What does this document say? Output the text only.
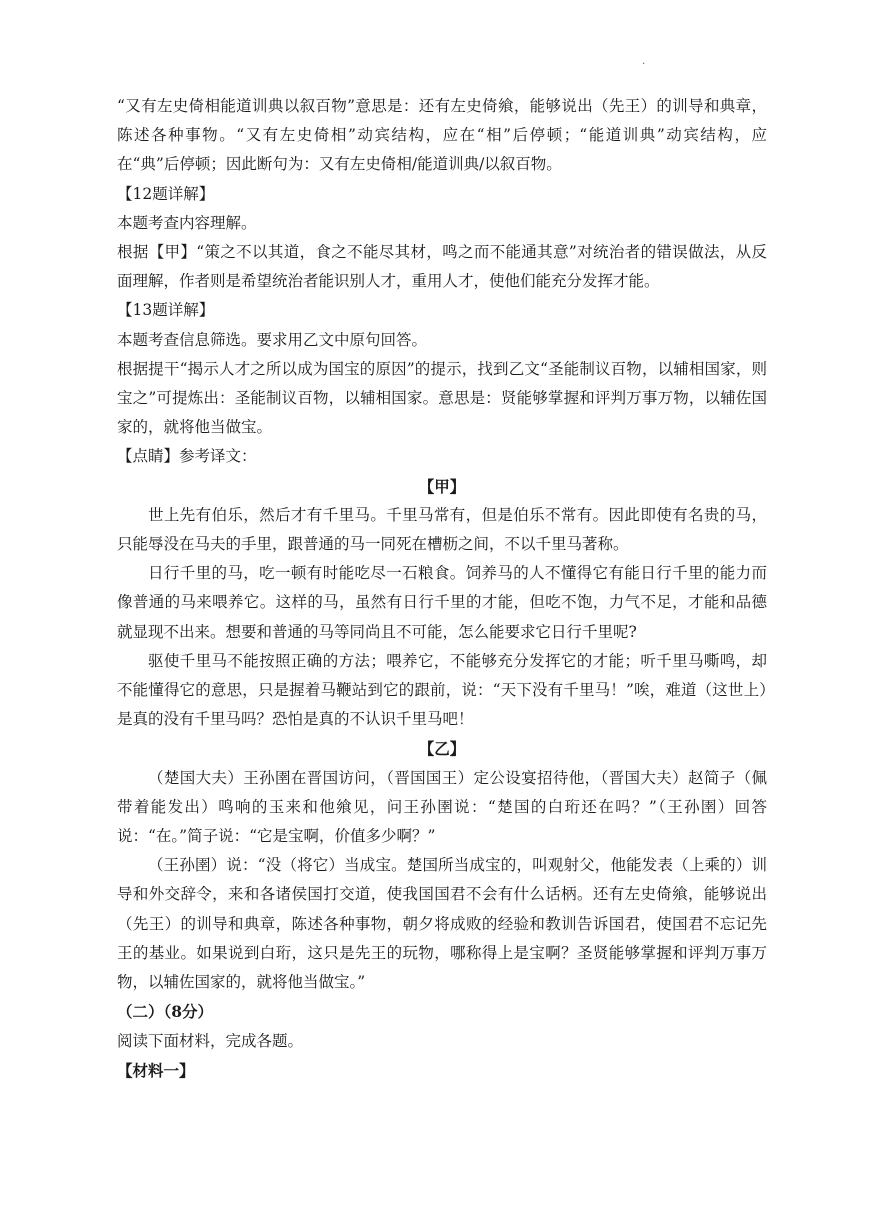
.

“又有左史倚相能道训典以叙百物”意思是：还有左史倚飨，能够说出（先王）的训导和典章，陈述各种事物。“又有左史倚相”动宾结构，应在“相”后停顿；“能道训典”动宾结构，应在“典”后停顿；因此断句为：又有左史倚相/能道训典/以叙百物。

【12题详解】

本题考查内容理解。

根据【甲】“策之不以其道，食之不能尽其材，鸣之而不能通其意”对统治者的错误做法，从反面理解，作者则是希望统治者能识别人才，重用人才，使他们能充分发挥才能。

【13题详解】

本题考查信息筛选。要求用乙文中原句回答。

根据提干“揭示人才之所以成为国宝的原因”的提示，找到乙文“圣能制议百物，以辅相国家，则宝之”可提炼出：圣能制议百物，以辅相国家。意思是：贤能够掌握和评判万事万物，以辅佐国家的，就将他当做宝。

【点睛】参考译文：

【甲】

世上先有伯乐，然后才有千里马。千里马常有，但是伯乐不常有。因此即使有名贵的马，只能辱没在马夫的手里，跟普通的马一同死在槽枥之间，不以千里马著称。

日行千里的马，吃一顿有时能吃尽一石粮食。饲养马的人不懂得它有能日行千里的能力而像普通的马来喂养它。这样的马，虽然有日行千里的才能，但吃不饱，力气不足，才能和品德就显现不出来。想要和普通的马等同尚且不可能，怎么能要求它日行千里呢?

驱使千里马不能按照正确的方法；喂养它，不能够充分发挥它的才能；听千里马嘶鸣，却不能懂得它的意思，只是握着马鞭站到它的跟前，说：“天下没有千里马！”唉，难道（这世上）是真的没有千里马吗？恐怕是真的不认识千里马吧！

【乙】

（楚国大夫）王孙圉在晋国访问，（晋国国王）定公设宴招待他，（晋国大夫）赵简子（佩带着能发出）鸣响的玉来和他飨见，问王孙圉说：“楚国的白珩还在吗？”（王孙圉）回答说：“在。”简子说：“它是宝啊，价值多少啊？”

（王孙圉）说：“没（将它）当成宝。楚国所当成宝的，叫观射父，他能发表（上乘的）训导和外交辞令，来和各诸侯国打交道，使我国国君不会有什么话柄。还有左史倚飨，能够说出（先王）的训导和典章，陈述各种事物，朝夕将成败的经验和教训告诉国君，使国君不忘记先王的基业。如果说到白珩，这只是先王的玩物，哪称得上是宝啊？圣贤能够掌握和评判万事万物，以辅佐国家的，就将他当做宝。”

（二）（8分）

阅读下面材料，完成各题。

【材料一】
